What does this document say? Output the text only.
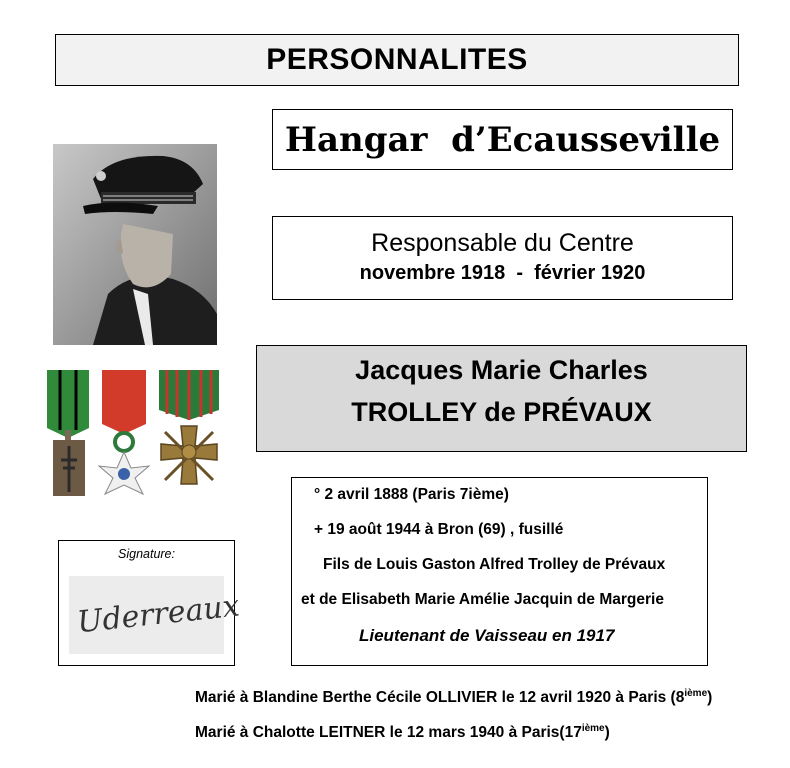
PERSONNALITES
Hangar  d’Ecausseville
Responsable du Centre
novembre 1918  -  février 1920
Jacques Marie Charles
TROLLEY de PRÉVAUX
° 2 avril 1888 (Paris 7ième)
+ 19 août 1944 à Bron (69) , fusillé
Fils de Louis Gaston Alfred Trolley de Prévaux
et de Elisabeth Marie Amélie Jacquin de Margerie
Lieutenant de Vaisseau en 1917
Signature:
Uderreaux
Marié à Blandine Berthe Cécile OLLIVIER le 12 avril 1920 à Paris (8ième)
Marié à Chalotte LEITNER le 12 mars 1940 à Paris(17ième)
